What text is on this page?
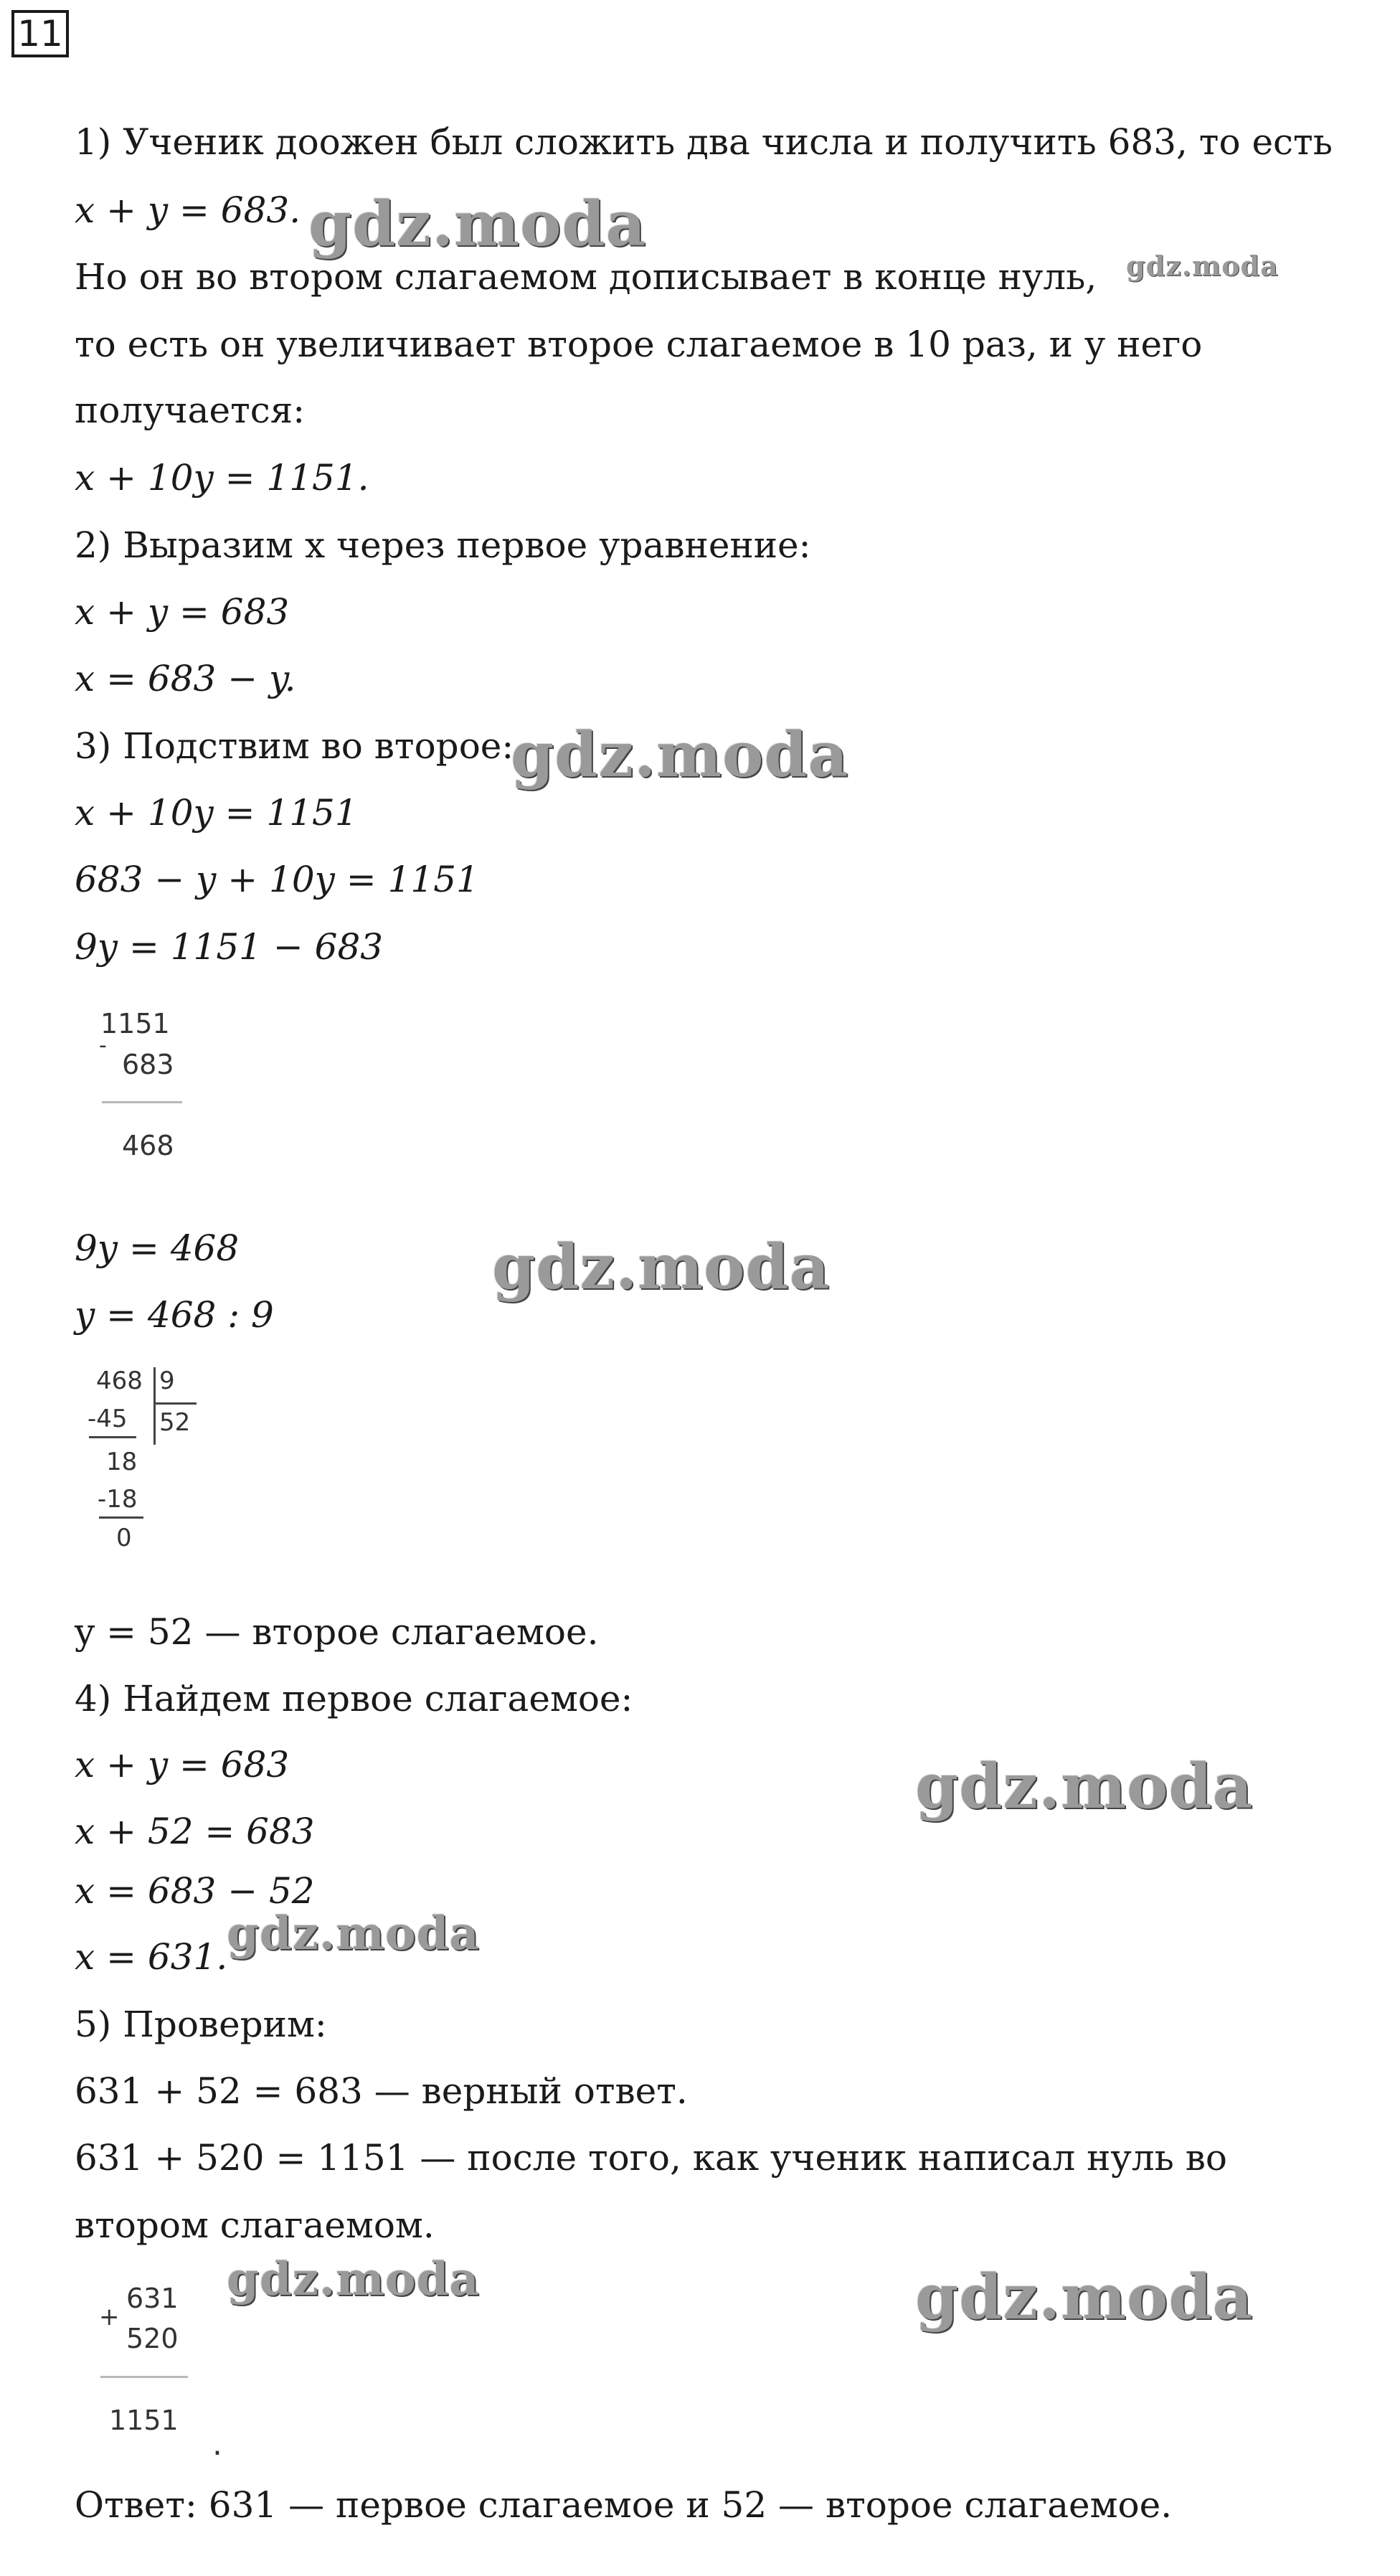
11
1) Ученик доожен был сложить два числа и получить 683, то есть
x + y = 683.
Но он во втором слагаемом дописывает в конце нуль,
то есть он увеличивает второе слагаемое в 10 раз, и у него
получается:
x + 10y = 1151.
2) Выразим x через первое уравнение:
x + y = 683
x = 683 − y.
3) Подствим во второе:
x + 10y = 1151
683 − y + 10y = 1151
9y = 1151 − 683
1151
-
683
468
9y = 468
y = 468 : 9
468 9
52
-45
18
-18
0
y = 52 — второе слагаемое.
4) Найдем первое слагаемое:
x + y = 683
x + 52 = 683
x = 683 − 52
x = 631.
5) Проверим:
631 + 52 = 683 — верный ответ.
631 + 520 = 1151 — после того, как ученик написал нуль во
втором слагаемом.
631
+
520
1151
.
Ответ: 631 — первое слагаемое и 52 — второе слагаемое.
gdz.moda
gdz.moda
gdz.moda
gdz.moda
gdz.moda
gdz.moda
gdz.moda	gdz.moda
